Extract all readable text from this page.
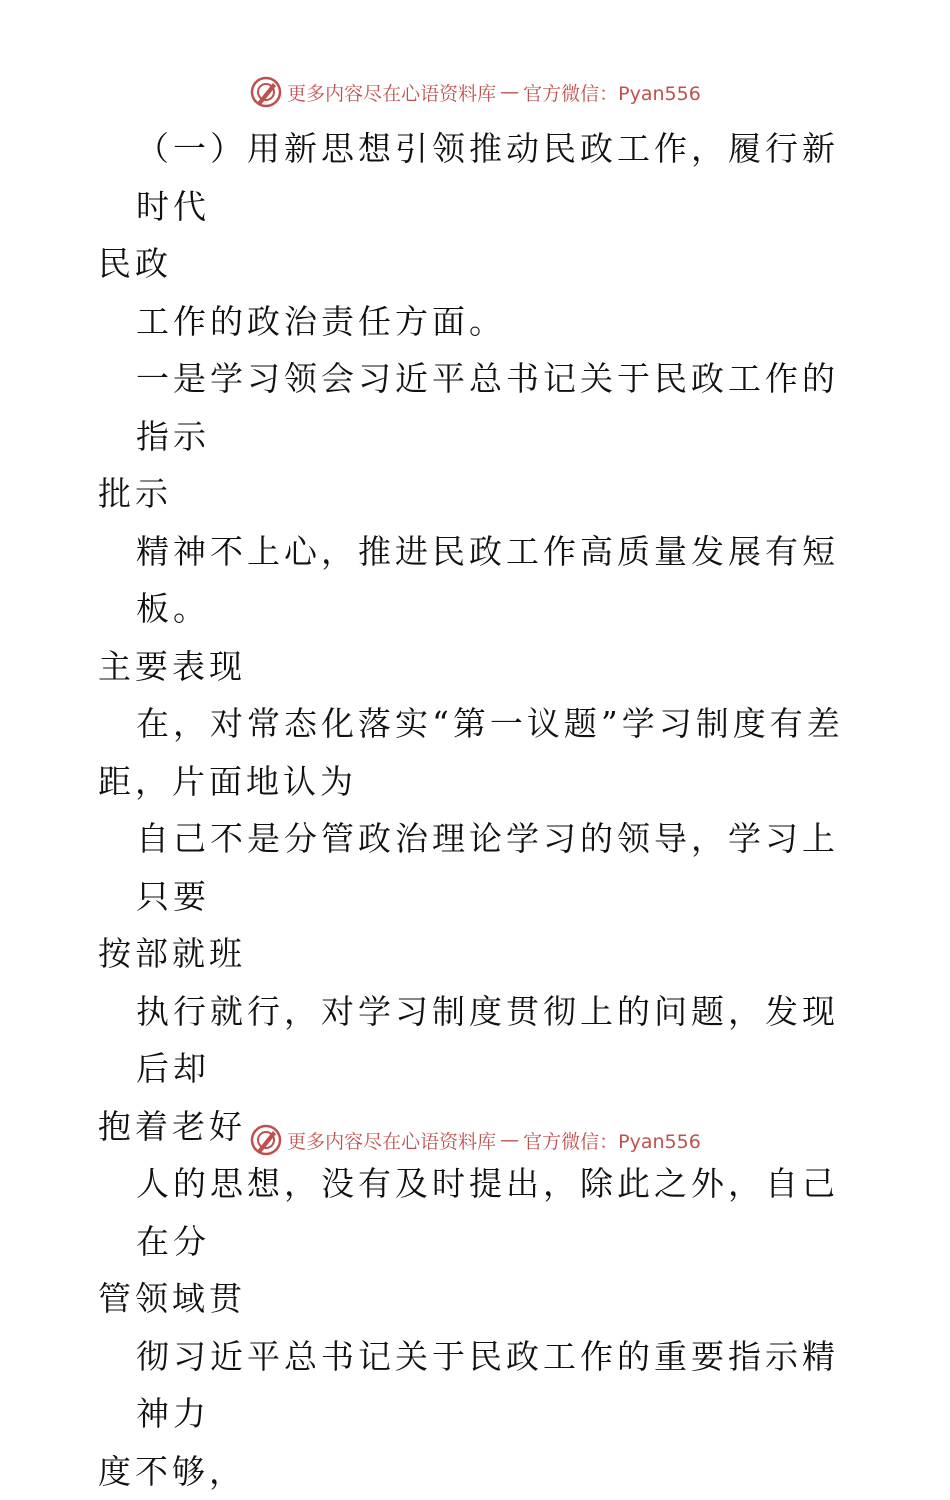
更多内容尽在心语资料库 — 官方微信：Pyan556

（一）用新思想引领推动民政工作，履行新时代

民政

工作的政治责任方面。

一是学习领会习近平总书记关于民政工作的指示

批示

精神不上心，推进民政工作高质量发展有短板。

主要表现

在，对常态化落实“第一议题”学习制度有差

距，片面地认为

自己不是分管政治理论学习的领导，学习上只要

按部就班

执行就行，对学习制度贯彻上的问题，发现后却

抱着老好

人的思想，没有及时提出，除此之外，自己在分

管领域贯

彻习近平总书记关于民政工作的重要指示精神力

度不够，

更多内容尽在心语资料库 — 官方微信：Pyan556
